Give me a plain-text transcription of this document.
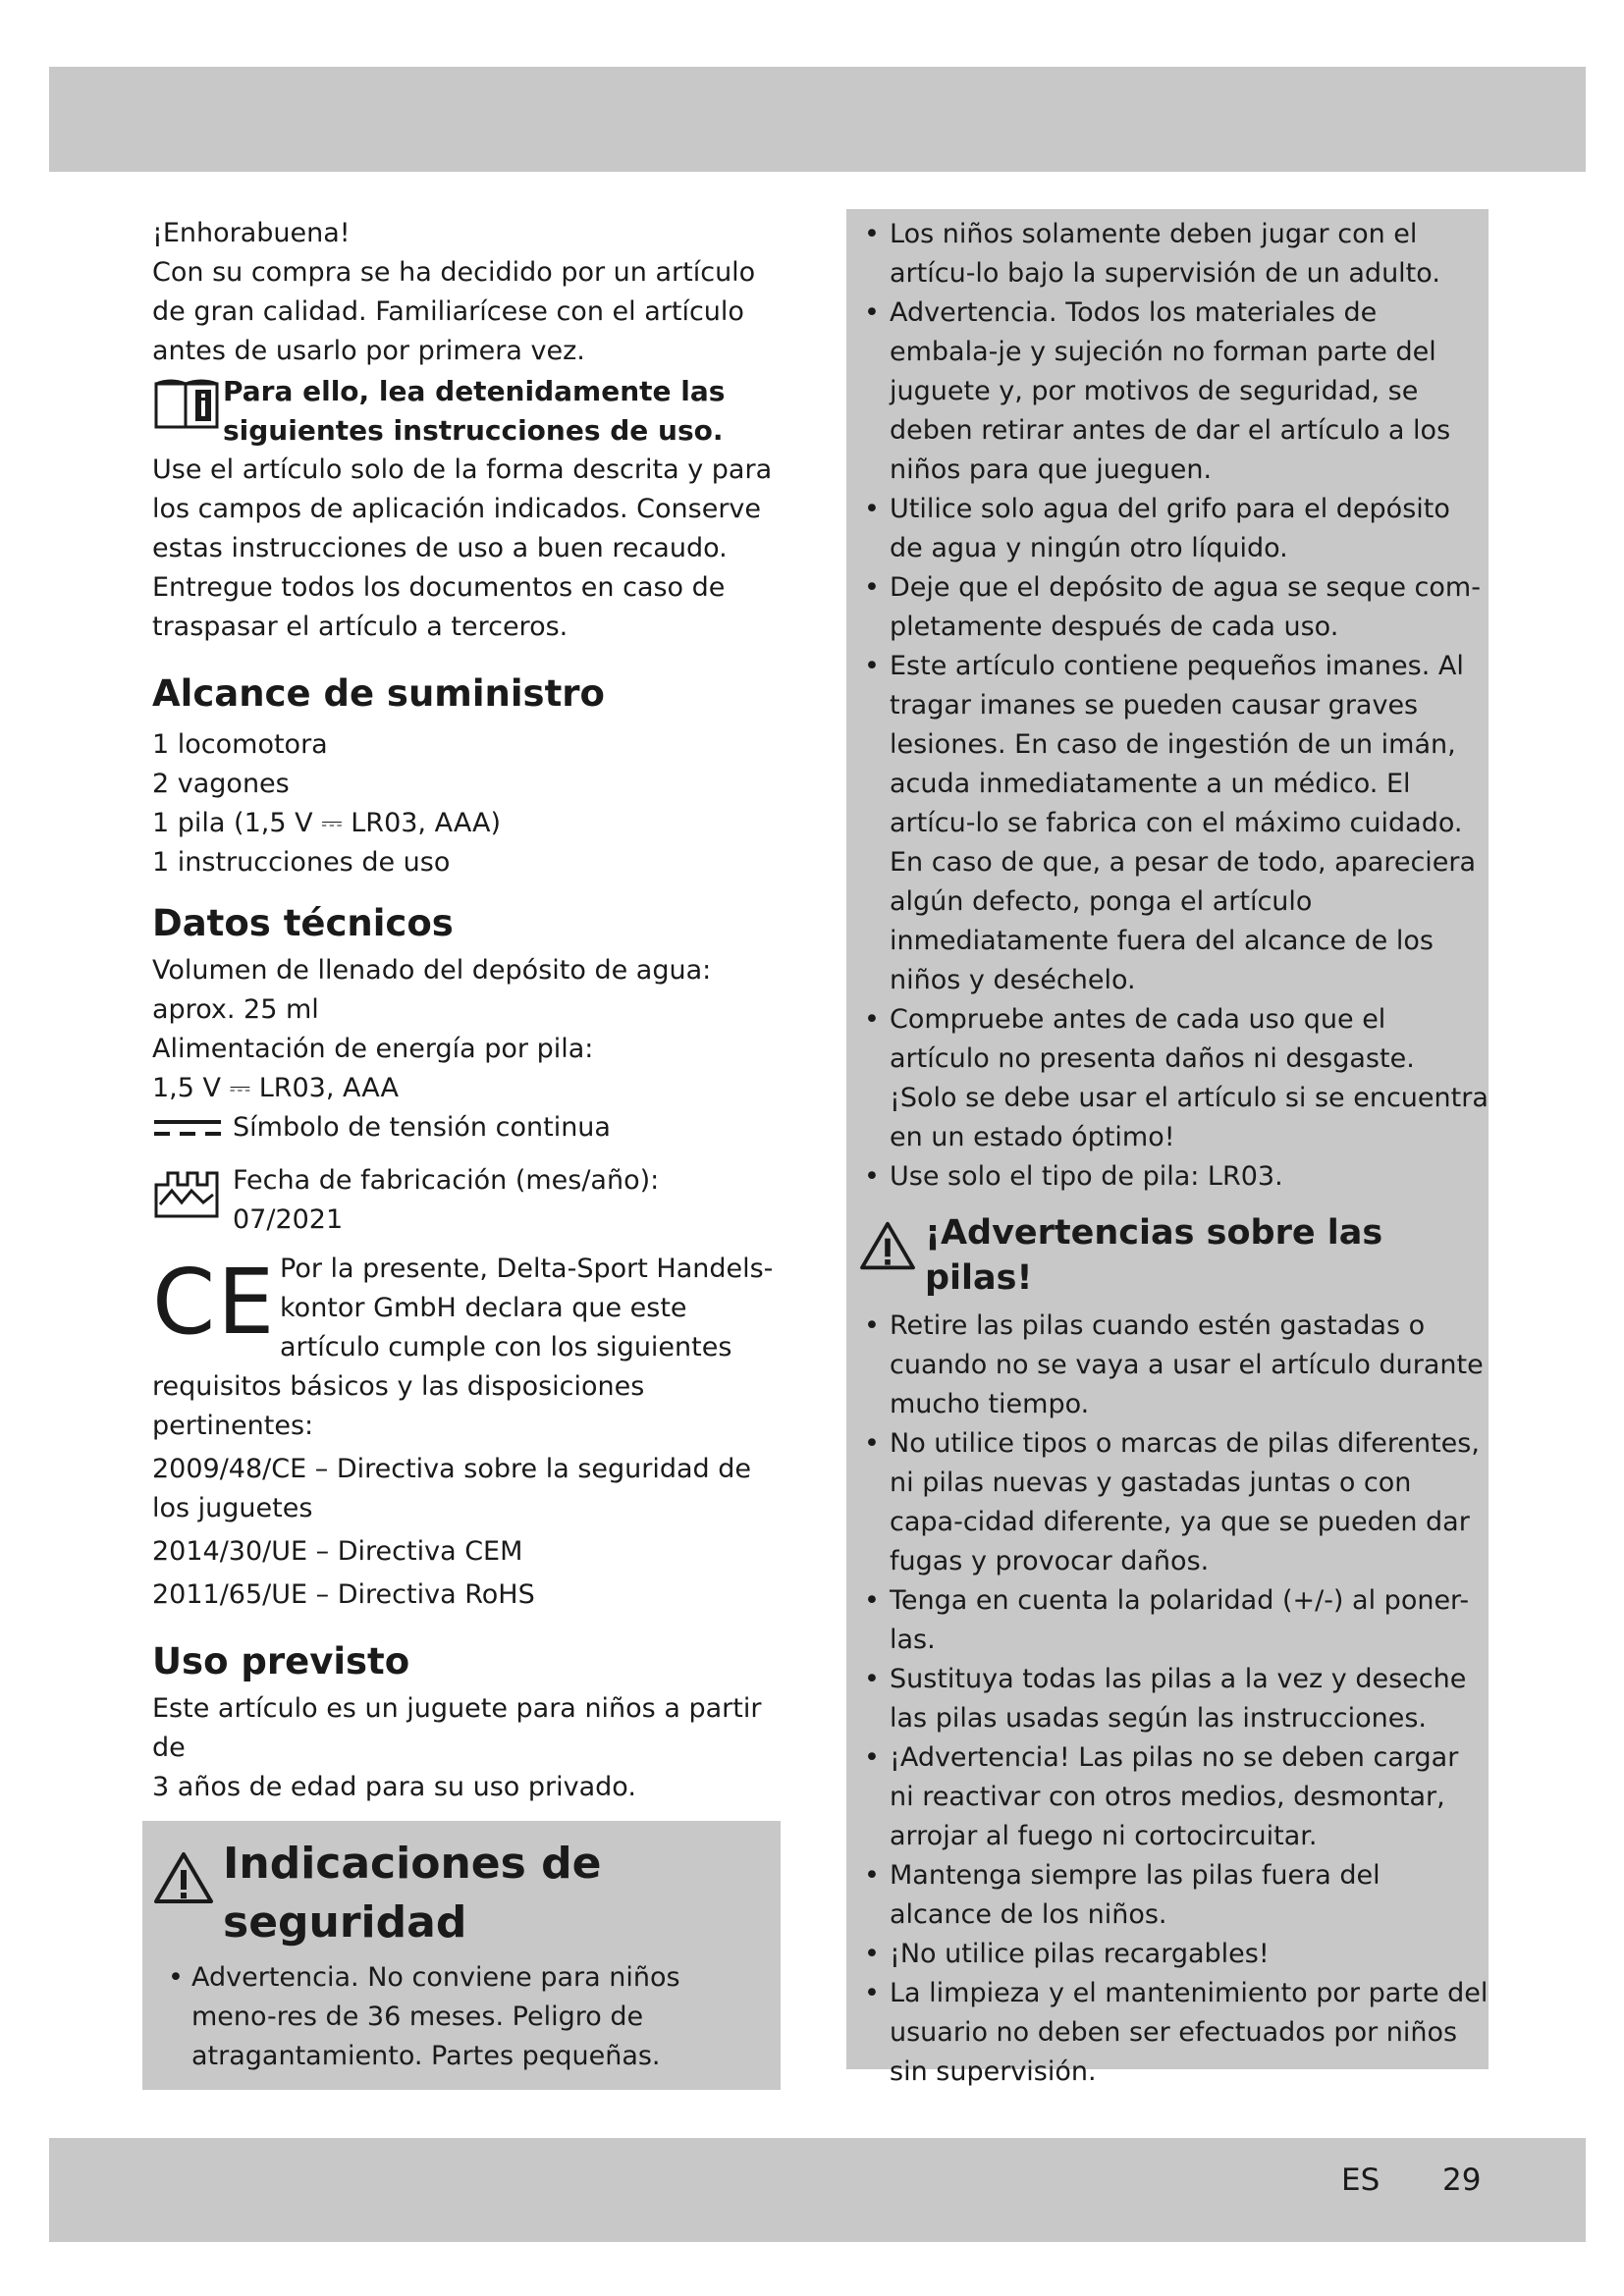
¡Enhorabuena!

Con su compra se ha decidido por un artículo

de gran calidad. Familiarícese con el artículo

antes de usarlo por primera vez.

Para ello, lea detenidamente las
siguientes instrucciones de uso.

Use el artículo solo de la forma descrita y para

los campos de aplicación indicados. Conserve

estas instrucciones de uso a buen recaudo.

Entregue todos los documentos en caso de

traspasar el artículo a terceros.

Alcance de suministro

1 locomotora

2 vagones

1 pila (1,5 V ⎓ LR03, AAA)

1 instrucciones de uso

Datos técnicos

Volumen de llenado del depósito de agua:

aprox. 25 ml

Alimentación de energía por pila:

1,5 V ⎓ LR03, AAA

Símbolo de tensión continua

Fecha de fabricación (mes/año):

07/2021

CE Por la presente, Delta-Sport Handels-

kontor GmbH declara que este

artículo cumple con los siguientes

requisitos básicos y las disposiciones pertinentes:

2009/48/CE – Directiva sobre la seguridad de

los juguetes

2014/30/UE – Directiva CEM

2011/65/UE – Directiva RoHS

Uso previsto

Este artículo es un juguete para niños a partir de

3 años de edad para su uso privado.

Indicaciones de
seguridad
• Advertencia. No conviene para niños meno-res de 36 meses. Peligro de atragantamiento. Partes pequeñas.
• Los niños solamente deben jugar con el artícu-lo bajo la supervisión de un adulto.
• Advertencia. Todos los materiales de embala-je y sujeción no forman parte del juguete y, por motivos de seguridad, se deben retirar antes de dar el artículo a los niños para que jueguen.
• Utilice solo agua del grifo para el depósito de agua y ningún otro líquido.
• Deje que el depósito de agua se seque com-pletamente después de cada uso.
• Este artículo contiene pequeños imanes. Al tragar imanes se pueden causar graves lesiones. En caso de ingestión de un imán, acuda inmediatamente a un médico. El artícu-lo se fabrica con el máximo cuidado. En caso de que, a pesar de todo, apareciera algún defecto, ponga el artículo inmediatamente fuera del alcance de los niños y deséchelo.
• Compruebe antes de cada uso que el artículo no presenta daños ni desgaste. ¡Solo se debe usar el artículo si se encuentra en un estado óptimo!
• Use solo el tipo de pila: LR03.
¡Advertencias sobre las
pilas!
• Retire las pilas cuando estén gastadas o cuando no se vaya a usar el artículo durante mucho tiempo.
• No utilice tipos o marcas de pilas diferentes, ni pilas nuevas y gastadas juntas o con capa-cidad diferente, ya que se pueden dar fugas y provocar daños.
• Tenga en cuenta la polaridad (+/-) al poner-las.
• Sustituya todas las pilas a la vez y deseche las pilas usadas según las instrucciones.
• ¡Advertencia! Las pilas no se deben cargar ni reactivar con otros medios, desmontar, arrojar al fuego ni cortocircuitar.
• Mantenga siempre las pilas fuera del alcance de los niños.
• ¡No utilice pilas recargables!
• La limpieza y el mantenimiento por parte del usuario no deben ser efectuados por niños sin supervisión.
ES 29
